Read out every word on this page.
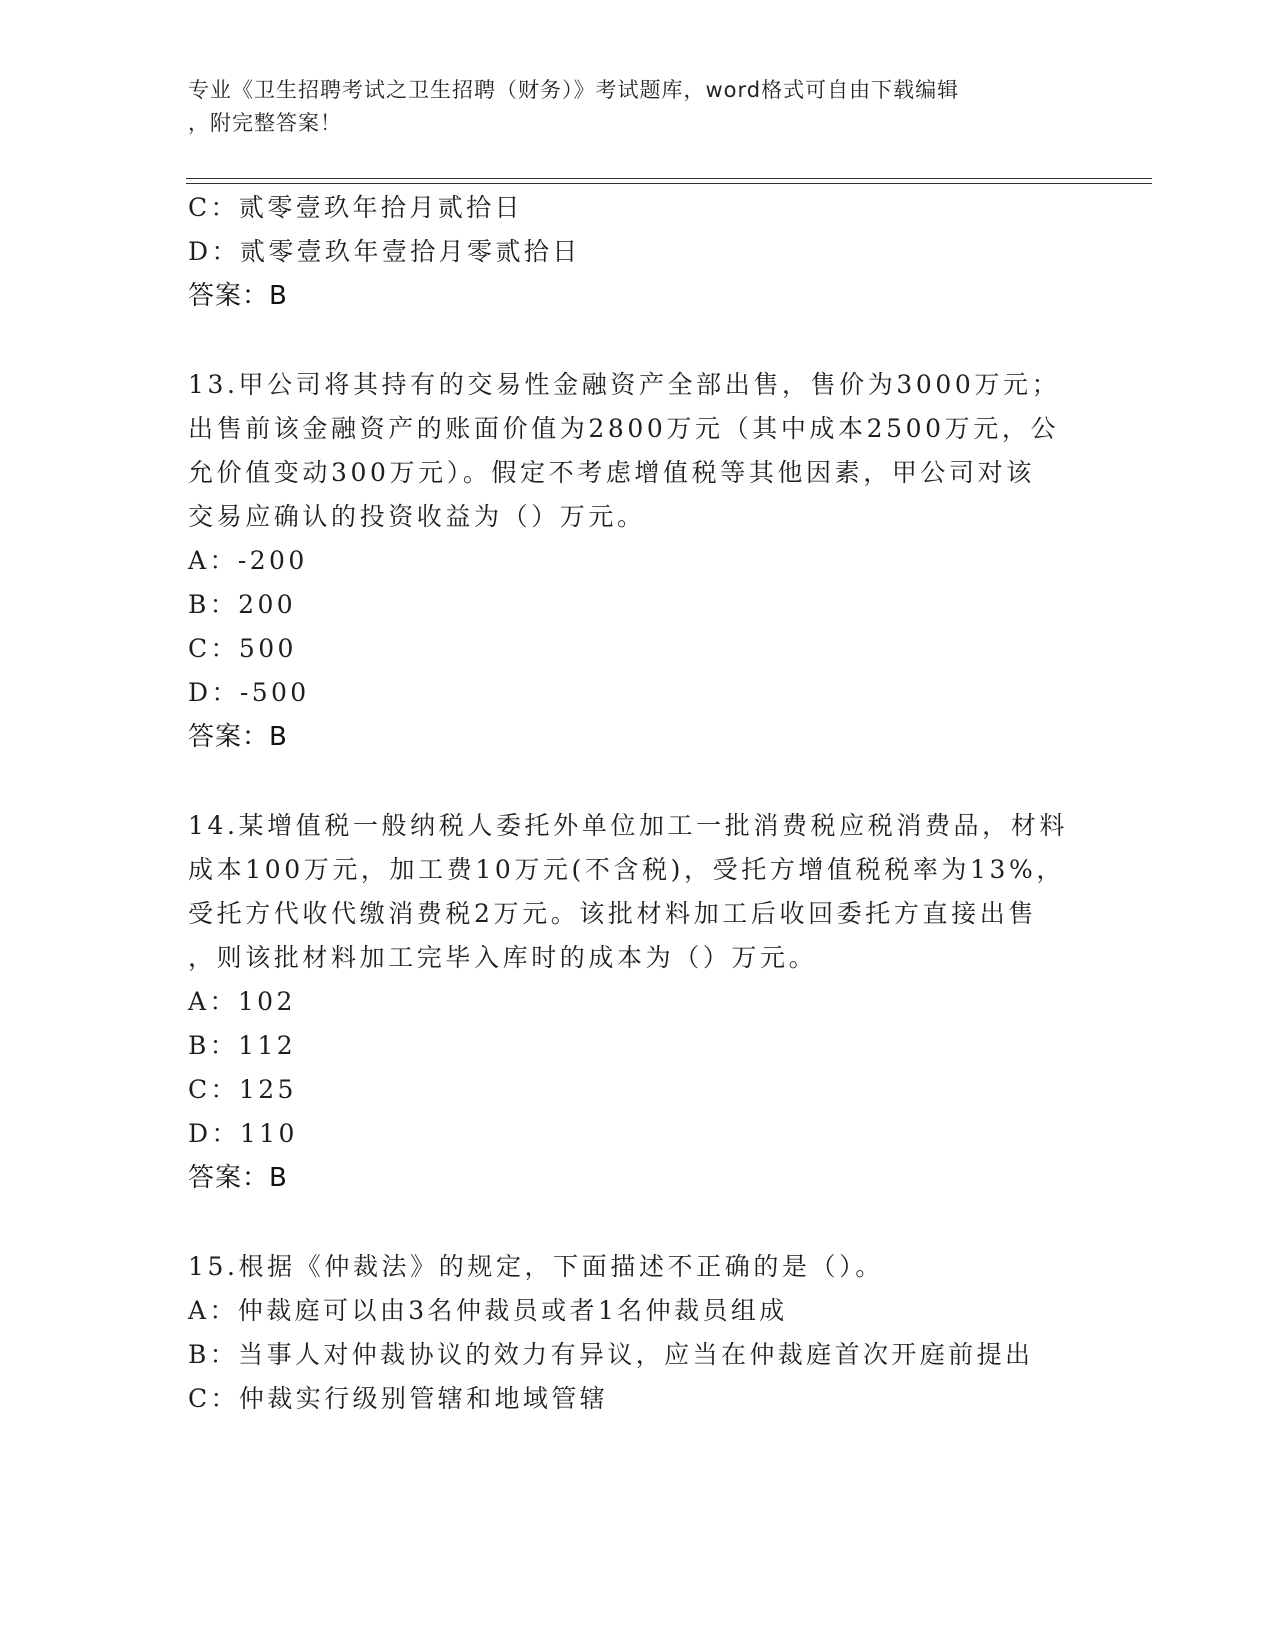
专业《卫生招聘考试之卫生招聘（财务）》考试题库，word格式可自由下载编辑
，附完整答案！
C：贰零壹玖年拾月贰拾日
D：贰零壹玖年壹拾月零贰拾日
答案：B
13.甲公司将其持有的交易性金融资产全部出售，售价为3000万元；
出售前该金融资产的账面价值为2800万元（其中成本2500万元，公
允价值变动300万元）。假定不考虑增值税等其他因素，甲公司对该
交易应确认的投资收益为（）万元。
A：-200
B：200
C：500
D：-500
答案：B
14.某增值税一般纳税人委托外单位加工一批消费税应税消费品，材料
成本100万元，加工费10万元(不含税)，受托方增值税税率为13%，
受托方代收代缴消费税2万元。该批材料加工后收回委托方直接出售
，则该批材料加工完毕入库时的成本为（）万元。
A：102
B：112
C：125
D：110
答案：B
15.根据《仲裁法》的规定，下面描述不正确的是（）。
A：仲裁庭可以由3名仲裁员或者1名仲裁员组成
B：当事人对仲裁协议的效力有异议，应当在仲裁庭首次开庭前提出
C：仲裁实行级别管辖和地域管辖
